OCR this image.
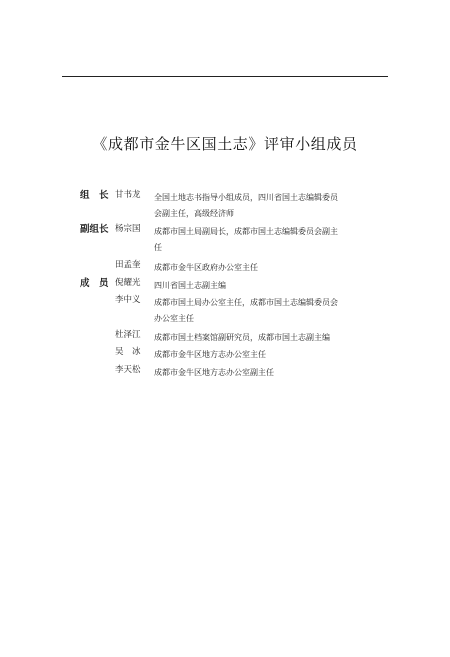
《成都市金牛区国土志》评审小组成员
组　长 甘书龙	全国土地志书指导小组成员，四川省国土志编辑委员
会副主任，高级经济师
副组长 杨宗国	成都市国土局副局长，成都市国土志编辑委员会副主
任
田孟奎	成都市金牛区政府办公室主任
成　员 倪耀光	四川省国土志副主编
李中义	成都市国土局办公室主任，成都市国土志编辑委员会
办公室主任
杜泽江	成都市国土档案馆副研究员，成都市国土志副主编
吴　冰	成都市金牛区地方志办公室主任
李天松	成都市金牛区地方志办公室副主任
